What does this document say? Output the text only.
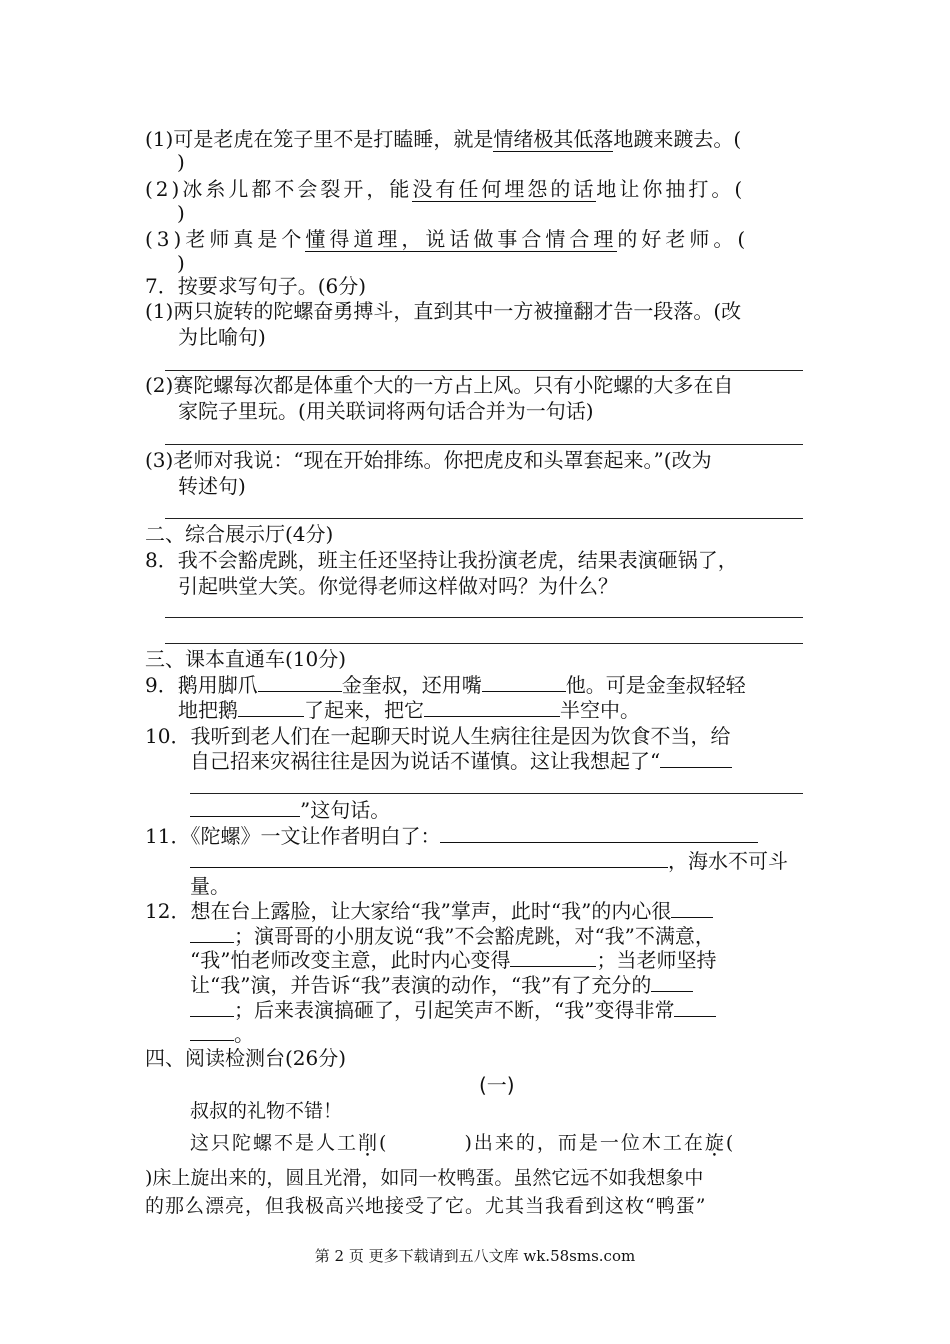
(1)可是老虎在笼子里不是打瞌睡，就是情绪极其低落地踱来踱去。(
)
(2)冰糸儿都不会裂开，能没有任何埋怨的话地让你抽打。(
)
(3)老师真是个懂得道理，说话做事合情合理的好老师。(
)
7．按要求写句子。(6分)
(1)两只旋转的陀螺奋勇搏斗，直到其中一方被撞翻才告一段落。(改
为比喻句)
(2)赛陀螺每次都是体重个大的一方占上风。只有小陀螺的大多在自
家院子里玩。(用关联词将两句话合并为一句话)
(3)老师对我说：“现在开始排练。你把虎皮和头罩套起来。”(改为
转述句)
二、综合展示厅(4分)
8．我不会豁虎跳，班主任还坚持让我扮演老虎，结果表演砸锅了，
引起哄堂大笑。你觉得老师这样做对吗？为什么？
三、课本直通车(10分)
9．鹅用脚爪	金奎叔，还用嘴	他。可是金奎叔轻轻
地把鹅	了起来，把它	半空中。
10．我听到老人们在一起聊天时说人生病往往是因为饮食不当，给
自己招来灾祸往往是因为说话不谨慎。这让我想起了“
”这句话。
11．《陀螺》一文让作者明白了：
，海水不可斗
量。
12．想在台上露脸，让大家给“我”掌声，此时“我”的内心很
；演哥哥的小朋友说“我”不会豁虎跳，对“我”不满意，
“我”怕老师改变主意，此时内心变得	；当老师坚持
让“我”演，并告诉“我”表演的动作，“我”有了充分的
；后来表演搞砸了，引起笑声不断，“我”变得非常
。
四、阅读检测台(26分)
(一)
叔叔的礼物不错！
这只陀螺不是人工削(	)出来的，而是一位木工在旋(
)床上旋出来的，圆且光滑，如同一枚鸭蛋。虽然它远不如我想象中
的那么漂亮，但我极高兴地接受了它。尤其当我看到这枚“鸭蛋”
第 2 页 更多下载请到五八文库 wk.58sms.com
